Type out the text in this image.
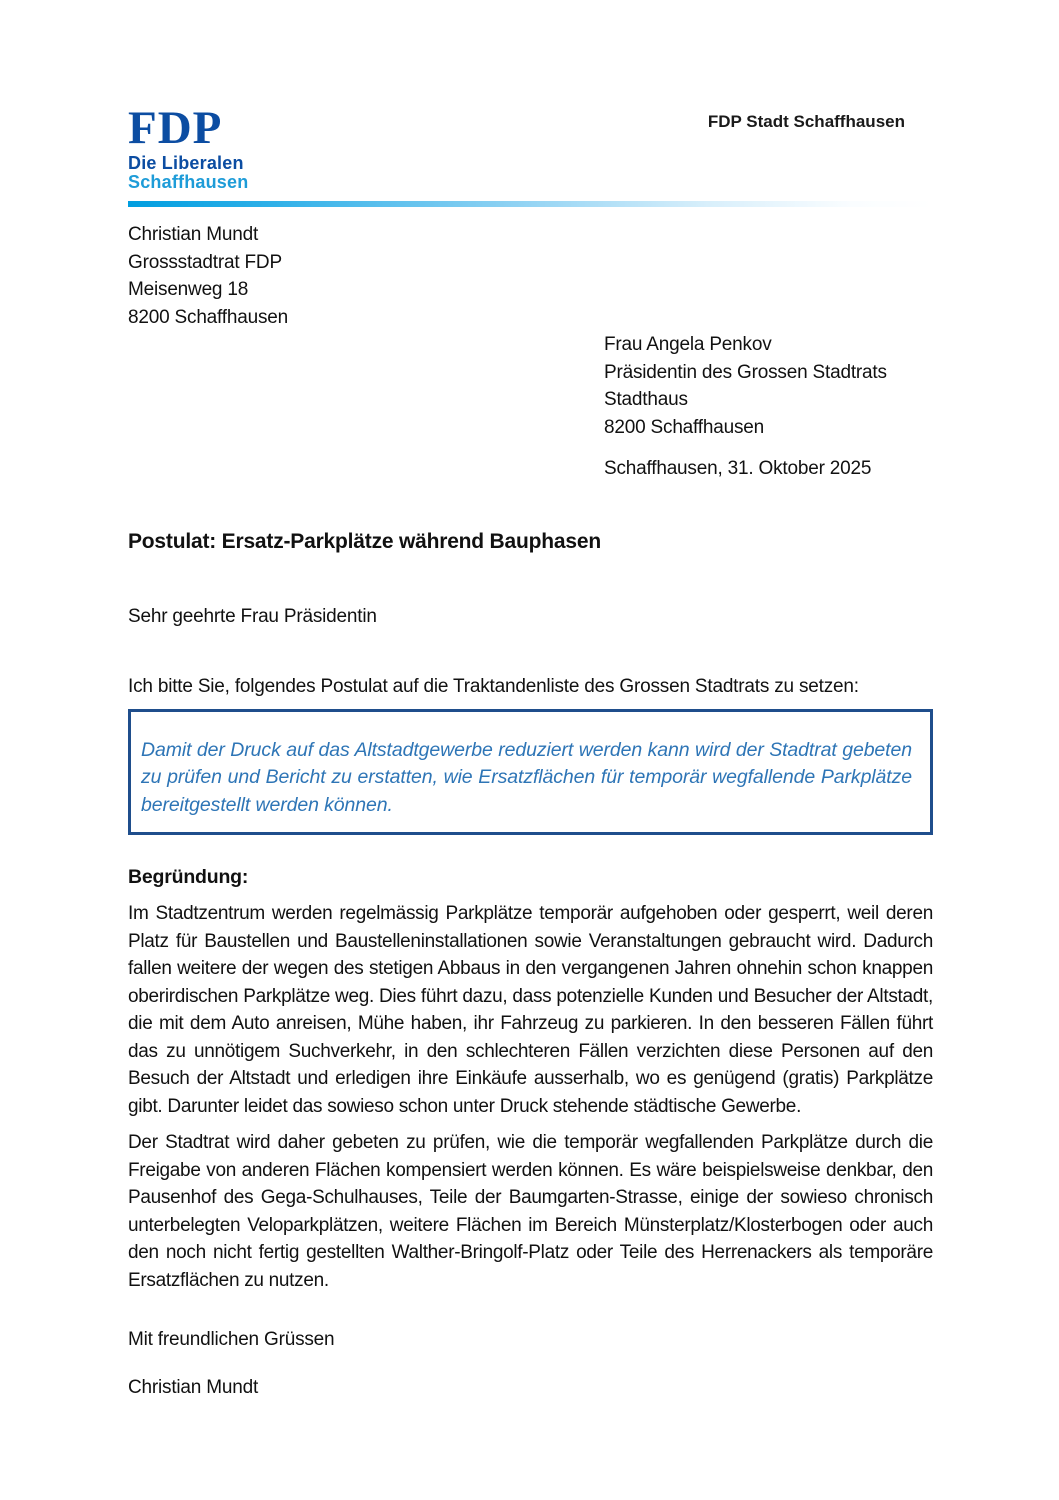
FDP
Die Liberalen
Schaffhausen
FDP Stadt Schaffhausen
Christian Mundt
Grossstadtrat FDP
Meisenweg 18
8200 Schaffhausen
Frau Angela Penkov
Präsidentin des Grossen Stadtrats
Stadthaus
8200 Schaffhausen
Schaffhausen, 31. Oktober 2025
Postulat: Ersatz-Parkplätze während Bauphasen
Sehr geehrte Frau Präsidentin
Ich bitte Sie, folgendes Postulat auf die Traktandenliste des Grossen Stadtrats zu setzen:

Damit der Druck auf das Altstadtgewerbe reduziert werden kann wird der Stadtrat gebeten zu prüfen und Bericht zu erstatten, wie Ersatzflächen für temporär wegfallende Parkplätze bereitgestellt werden können.

Begründung:

Im Stadtzentrum werden regelmässig Parkplätze temporär aufgehoben oder gesperrt, weil deren Platz für Baustellen und Baustelleninstallationen sowie Veranstaltungen gebraucht wird. Dadurch fallen weitere der wegen des stetigen Abbaus in den vergangenen Jahren ohnehin schon knappen oberirdischen Parkplätze weg. Dies führt dazu, dass potenzielle Kunden und Besucher der Altstadt, die mit dem Auto anreisen, Mühe haben, ihr Fahrzeug zu parkieren. In den besseren Fällen führt das zu unnötigem Suchverkehr, in den schlechteren Fällen verzichten diese Personen auf den Besuch der Altstadt und erledigen ihre Einkäufe ausserhalb, wo es genügend (gratis) Parkplätze gibt. Darunter leidet das sowieso schon unter Druck stehende städtische Gewerbe.

Der Stadtrat wird daher gebeten zu prüfen, wie die temporär wegfallenden Parkplätze durch die Freigabe von anderen Flächen kompensiert werden können. Es wäre beispielsweise denkbar, den Pausenhof des Gega-Schulhauses, Teile der Baumgarten-Strasse, einige der sowieso chronisch unterbelegten Veloparkplätzen, weitere Flächen im Bereich Münsterplatz/Klosterbogen oder auch den noch nicht fertig gestellten Walther-Bringolf-Platz oder Teile des Herrenackers als temporäre Ersatzflächen zu nutzen.

Mit freundlichen Grüssen
Christian Mundt
